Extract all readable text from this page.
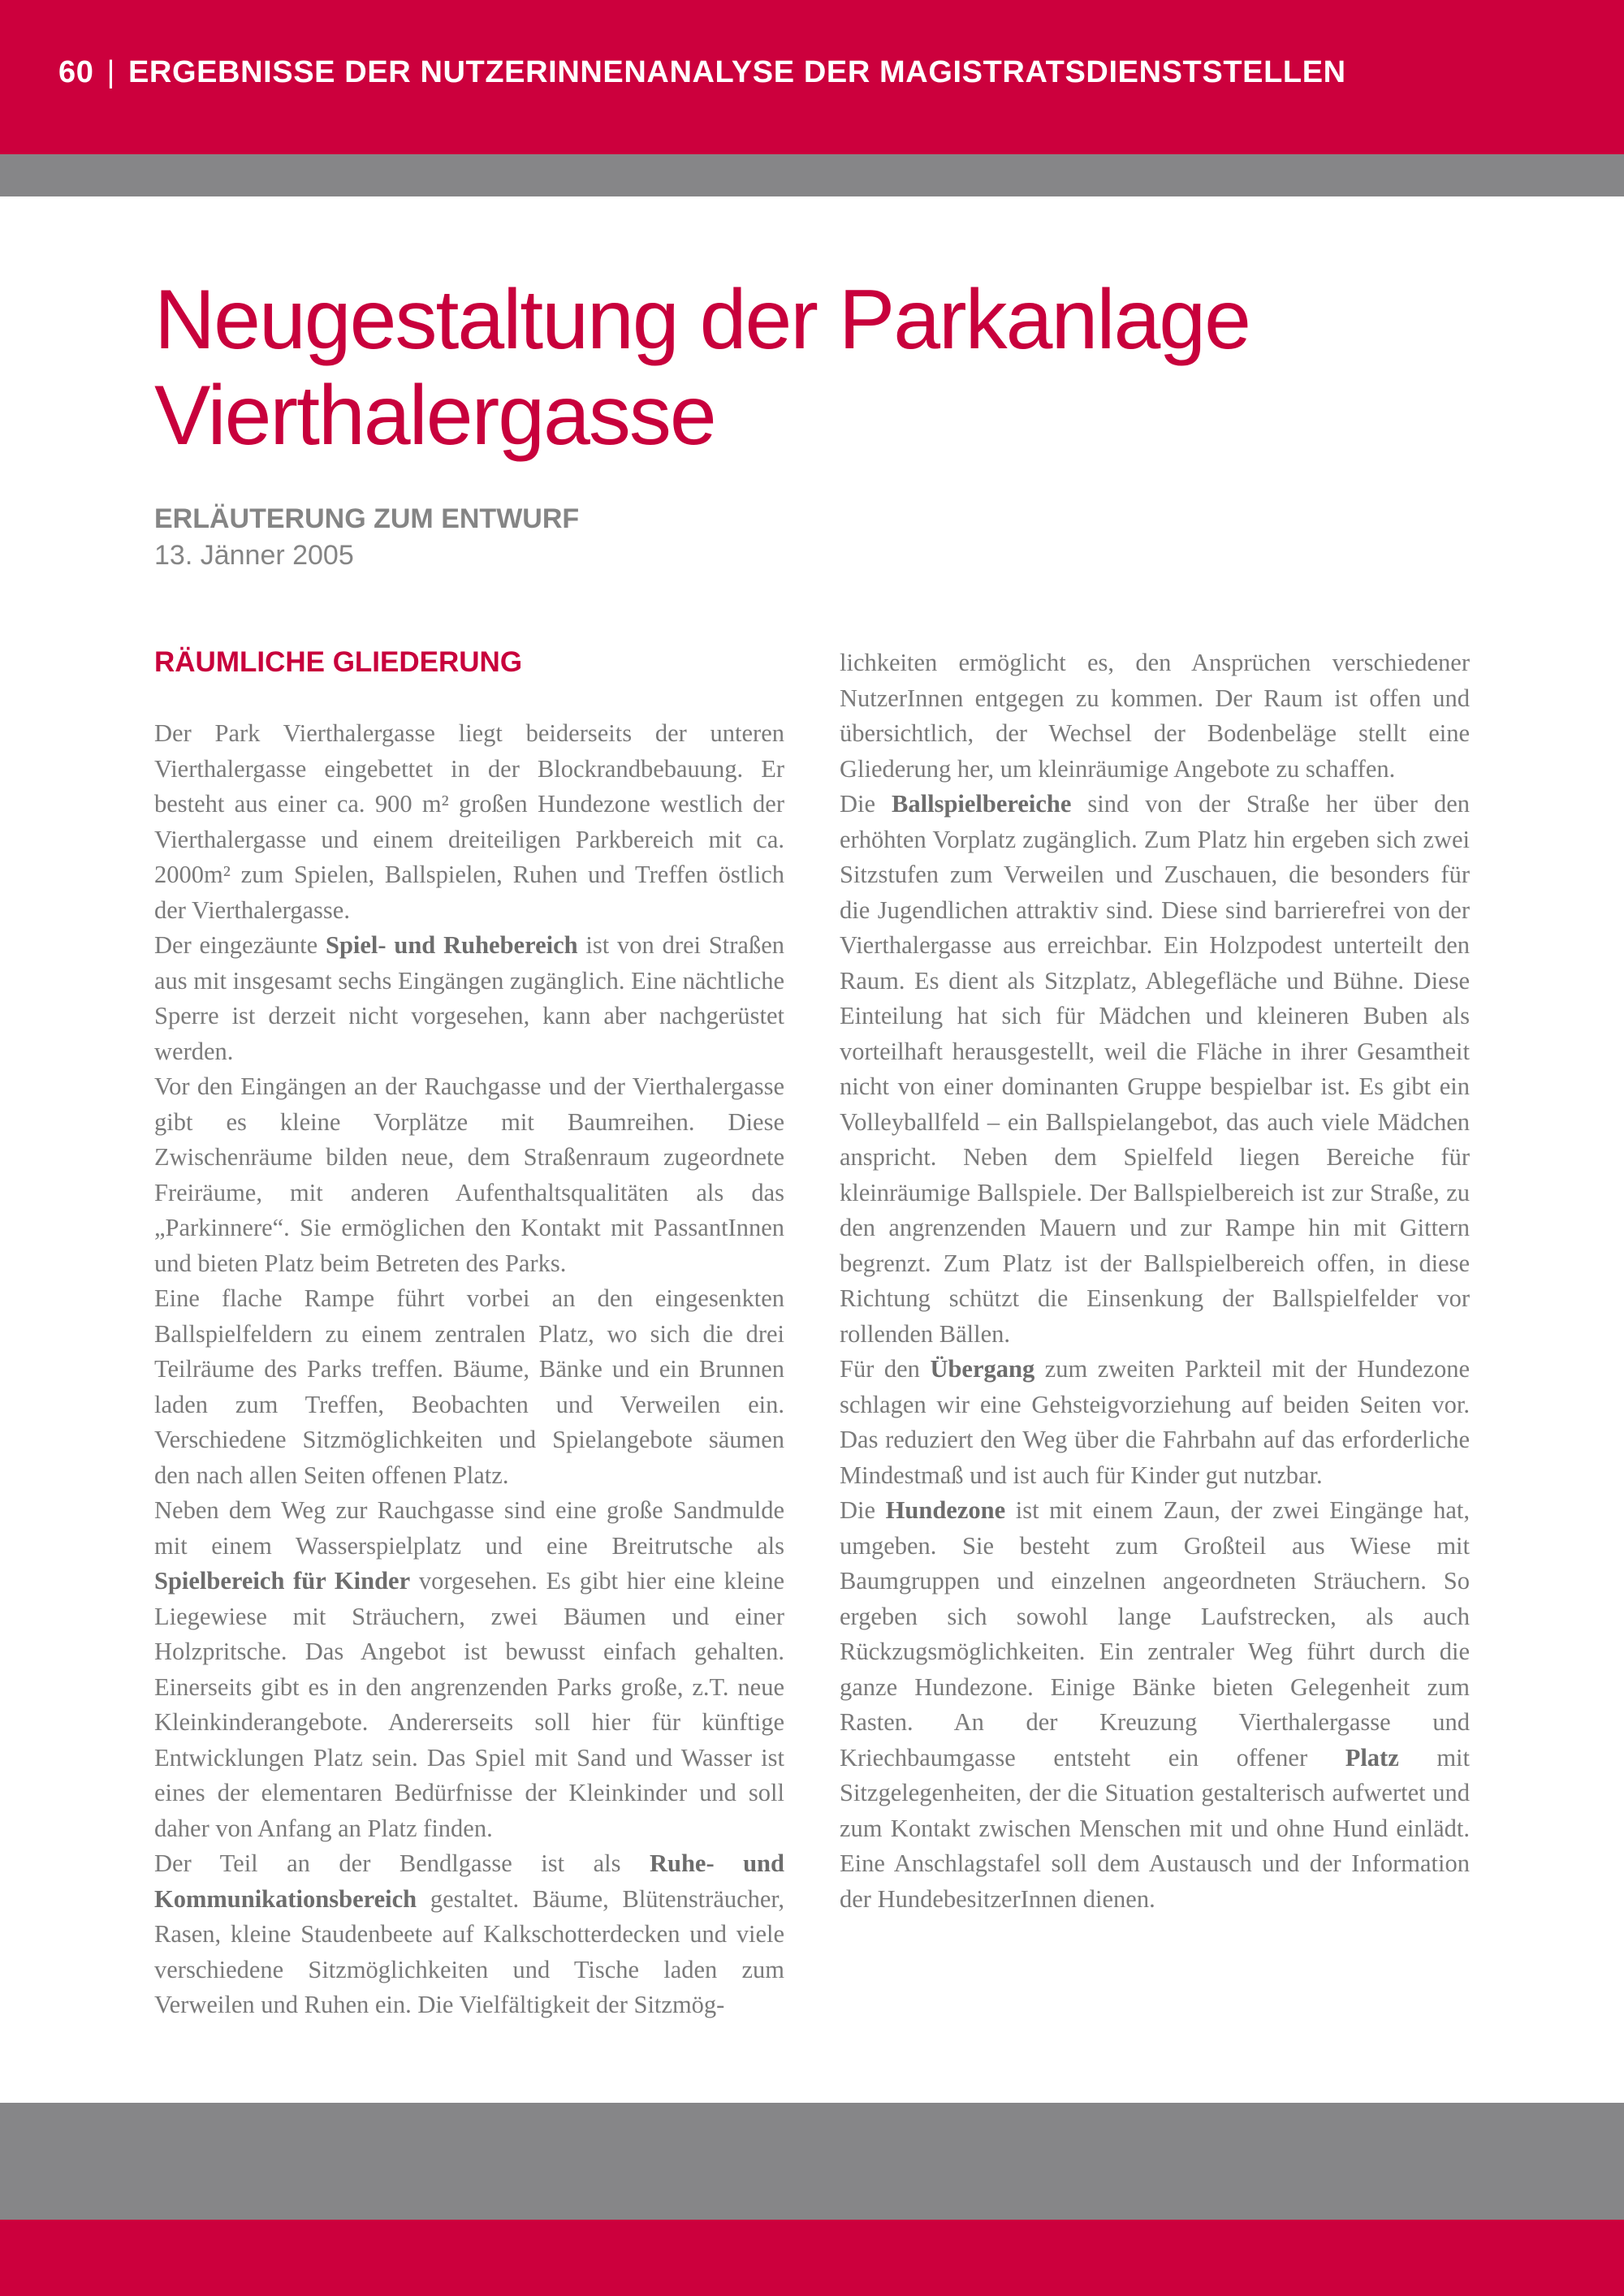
60 | ERGEBNISSE DER NUTZERINNENANALYSE DER MAGISTRATSDIENSTSTELLEN
Neugestaltung der Parkanlage
Vierthalergasse
ERLÄUTERUNG ZUM ENTWURF
13. Jänner 2005
RÄUMLICHE GLIEDERUNG

Der Park Vierthalergasse liegt beiderseits der unteren Vierthalergasse eingebettet in der Blockrandbebauung. Er besteht aus einer ca. 900 m² großen Hundezone westlich der Vierthalergasse und einem dreiteiligen Parkbereich mit ca. 2000m² zum Spielen, Ballspielen, Ruhen und Treffen östlich der Vierthalergasse.

Der eingezäunte Spiel- und Ruhebereich ist von drei Straßen aus mit insgesamt sechs Eingängen zugänglich. Eine nächtliche Sperre ist derzeit nicht vorgesehen, kann aber nachgerüstet werden.

Vor den Eingängen an der Rauchgasse und der Vierthalergasse gibt es kleine Vorplätze mit Baumreihen. Diese Zwischenräume bilden neue, dem Straßenraum zugeordnete Freiräume, mit anderen Aufenthaltsqualitäten als das „Parkinnere“. Sie ermöglichen den Kontakt mit PassantInnen und bieten Platz beim Betreten des Parks.

Eine flache Rampe führt vorbei an den eingesenkten Ballspielfeldern zu einem zentralen Platz, wo sich die drei Teilräume des Parks treffen. Bäume, Bänke und ein Brunnen laden zum Treffen, Beobachten und Verweilen ein. Verschiedene Sitzmöglichkeiten und Spielangebote säumen den nach allen Seiten offenen Platz.

Neben dem Weg zur Rauchgasse sind eine große Sandmulde mit einem Wasserspielplatz und eine Breitrutsche als Spielbereich für Kinder vorgesehen. Es gibt hier eine kleine Liegewiese mit Sträuchern, zwei Bäumen und einer Holzpritsche. Das Angebot ist bewusst einfach gehalten. Einerseits gibt es in den angrenzenden Parks große, z.T. neue Kleinkinderangebote. Andererseits soll hier für künftige Entwicklungen Platz sein. Das Spiel mit Sand und Wasser ist eines der elementaren Bedürfnisse der Kleinkinder und soll daher von Anfang an Platz finden.

Der Teil an der Bendlgasse ist als Ruhe- und Kommunikationsbereich gestaltet. Bäume, Blütensträucher, Rasen, kleine Staudenbeete auf Kalkschotterdecken und viele verschiedene Sitzmöglichkeiten und Tische laden zum Verweilen und Ruhen ein. Die Vielfältigkeit der Sitzmög-

lichkeiten ermöglicht es, den Ansprüchen verschiedener NutzerInnen entgegen zu kommen. Der Raum ist offen und übersichtlich, der Wechsel der Bodenbeläge stellt eine Gliederung her, um kleinräumige Angebote zu schaffen.

Die Ballspielbereiche sind von der Straße her über den erhöhten Vorplatz zugänglich. Zum Platz hin ergeben sich zwei Sitzstufen zum Verweilen und Zuschauen, die besonders für die Jugendlichen attraktiv sind. Diese sind barrierefrei von der Vierthalergasse aus erreichbar. Ein Holzpodest unterteilt den Raum. Es dient als Sitzplatz, Ablegefläche und Bühne. Diese Einteilung hat sich für Mädchen und kleineren Buben als vorteilhaft herausgestellt, weil die Fläche in ihrer Gesamtheit nicht von einer dominanten Gruppe bespielbar ist. Es gibt ein Volleyballfeld – ein Ballspielangebot, das auch viele Mädchen anspricht. Neben dem Spielfeld liegen Bereiche für kleinräumige Ballspiele. Der Ballspielbereich ist zur Straße, zu den angrenzenden Mauern und zur Rampe hin mit Gittern begrenzt. Zum Platz ist der Ballspielbereich offen, in diese Richtung schützt die Einsenkung der Ballspielfelder vor rollenden Bällen.

Für den Übergang zum zweiten Parkteil mit der Hundezone schlagen wir eine Gehsteigvorziehung auf beiden Seiten vor. Das reduziert den Weg über die Fahrbahn auf das erforderliche Mindestmaß und ist auch für Kinder gut nutzbar.

Die Hundezone ist mit einem Zaun, der zwei Eingänge hat, umgeben. Sie besteht zum Großteil aus Wiese mit Baumgruppen und einzelnen angeordneten Sträuchern. So ergeben sich sowohl lange Laufstrecken, als auch Rückzugsmöglichkeiten. Ein zentraler Weg führt durch die ganze Hundezone. Einige Bänke bieten Gelegenheit zum Rasten. An der Kreuzung Vierthalergasse und Kriechbaumgasse entsteht ein offener Platz mit Sitzgelegenheiten, der die Situation gestalterisch aufwertet und zum Kontakt zwischen Menschen mit und ohne Hund einlädt. Eine Anschlagstafel soll dem Austausch und der Information der HundebesitzerInnen dienen.
